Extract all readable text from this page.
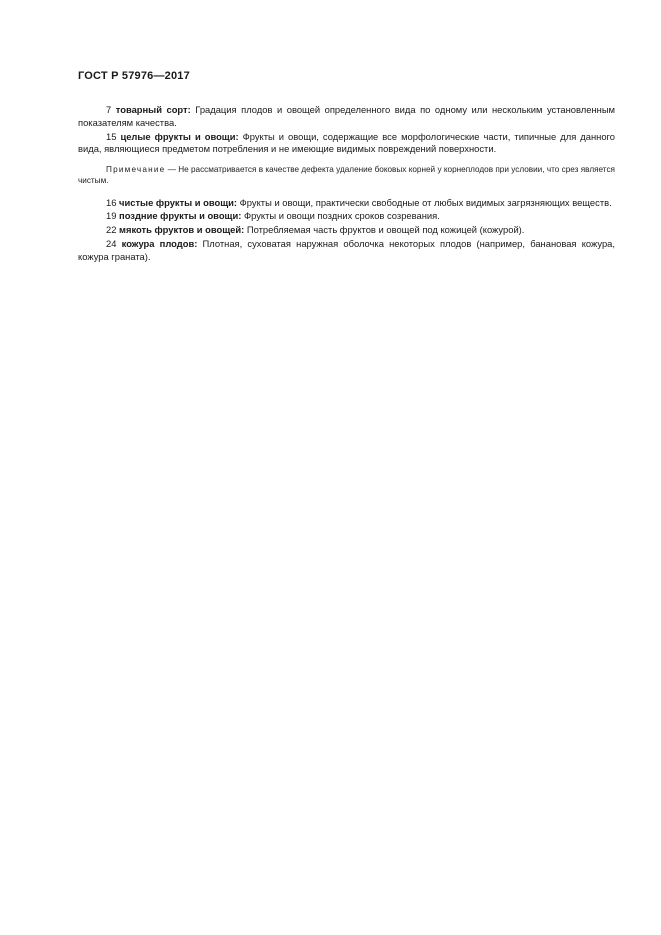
ГОСТ Р 57976—2017

7 товарный сорт: Градация плодов и овощей определенного вида по одному или нескольким установленным показателям качества.

15 целые фрукты и овощи: Фрукты и овощи, содержащие все морфологические части, типичные для данного вида, являющиеся предметом потребления и не имеющие видимых повреждений поверхности.

Примечание — Не рассматривается в качестве дефекта удаление боковых корней у корнеплодов при условии, что срез является чистым.

16 чистые фрукты и овощи: Фрукты и овощи, практически свободные от любых видимых загрязняющих веществ.

19 поздние фрукты и овощи: Фрукты и овощи поздних сроков созревания.

22 мякоть фруктов и овощей: Потребляемая часть фруктов и овощей под кожицей (кожурой).

24 кожура плодов: Плотная, суховатая наружная оболочка некоторых плодов (например, банановая кожура, кожура граната).
